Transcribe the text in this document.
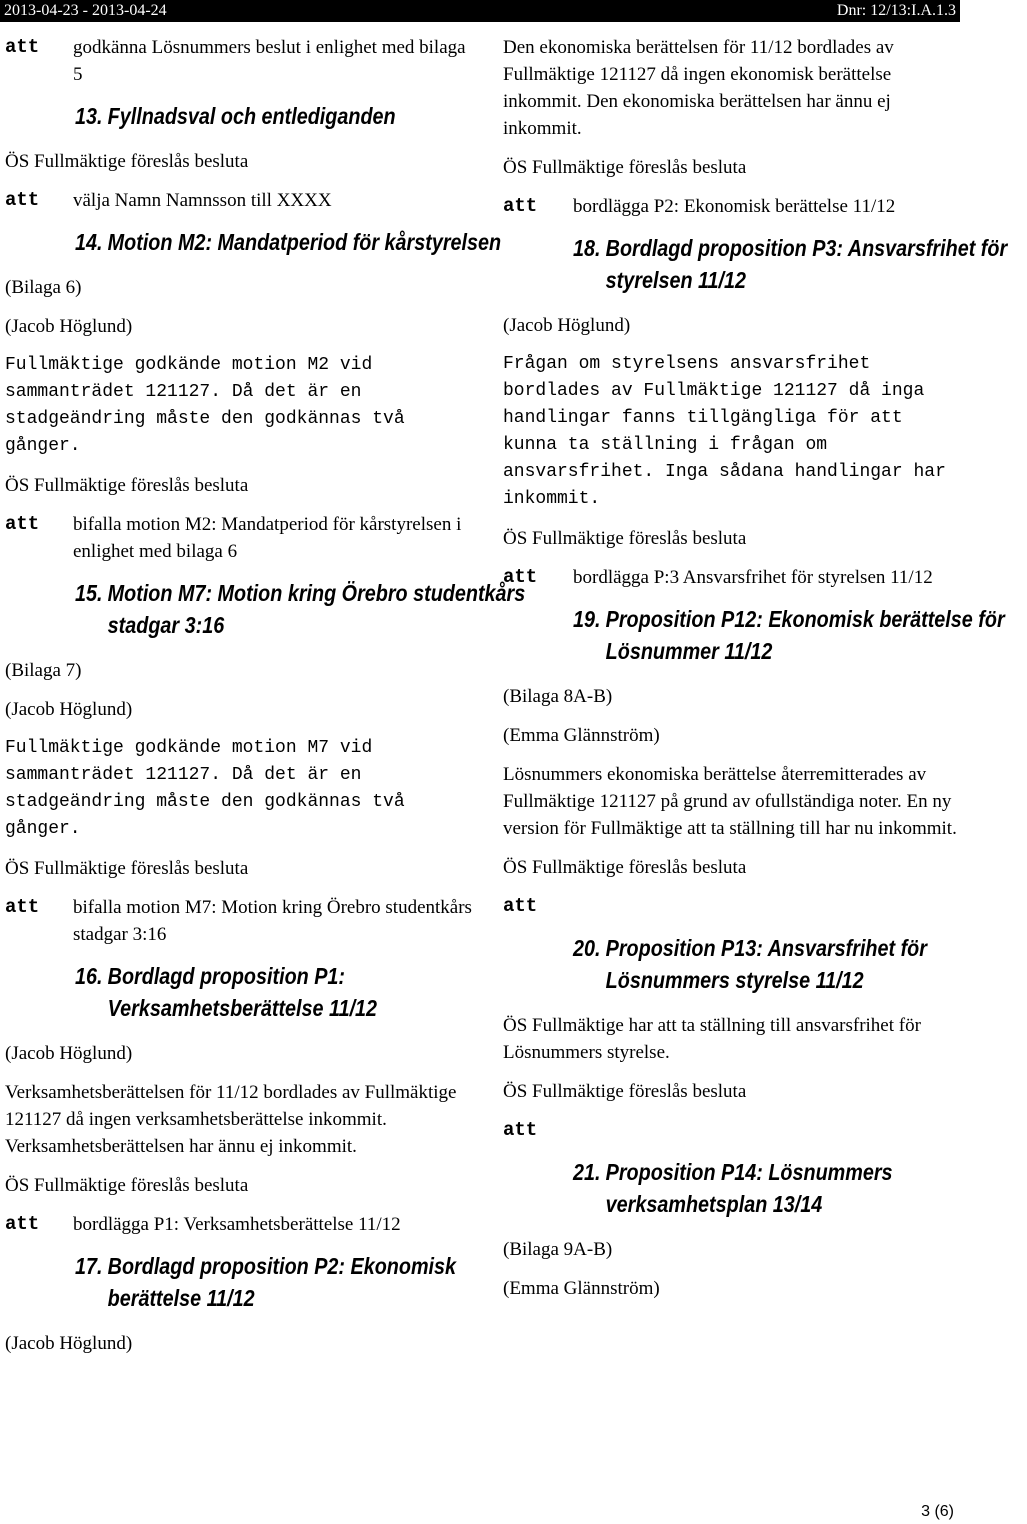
2013-04-23 - 2013-04-24	Dnr: 12/13:I.A.1.3
att	godkänna Lösnummers beslut i enlighet med bilaga 5
13. Fyllnadsval och entlediganden

ÖS Fullmäktige föreslås besluta

att	välja Namn Namnsson till XXXX
14. Motion M2: Mandatperiod för kårstyrelsen

(Bilaga 6)

(Jacob Höglund)

Fullmäktige godkände motion M2 vid sammanträdet 121127. Då det är en stadgeändring måste den godkännas två gånger.

ÖS Fullmäktige föreslås besluta

att	bifalla motion M2: Mandatperiod för kårstyrelsen i enlighet med bilaga 6
15. Motion M7: Motion kring Örebro studentkårs stadgar 3:16

(Bilaga 7)

(Jacob Höglund)

Fullmäktige godkände motion M7 vid sammanträdet 121127. Då det är en stadgeändring måste den godkännas två gånger.

ÖS Fullmäktige föreslås besluta

att	bifalla motion M7: Motion kring Örebro studentkårs stadgar 3:16
16. Bordlagd proposition P1: Verksamhetsberättelse 11/12

(Jacob Höglund)

Verksamhetsberättelsen för 11/12 bordlades av Fullmäktige 121127 då ingen verksamhetsberättelse inkommit. Verksamhetsberättelsen har ännu ej inkommit.

ÖS Fullmäktige föreslås besluta

att	bordlägga P1: Verksamhetsberättelse 11/12
17. Bordlagd proposition P2: Ekonomisk berättelse 11/12

(Jacob Höglund)

Den ekonomiska berättelsen för 11/12 bordlades av Fullmäktige 121127 då ingen ekonomisk berättelse inkommit. Den ekonomiska berättelsen har ännu ej inkommit.

ÖS Fullmäktige föreslås besluta

att	bordlägga P2: Ekonomisk berättelse 11/12
18. Bordlagd proposition P3: Ansvarsfrihet för styrelsen 11/12

(Jacob Höglund)

Frågan om styrelsens ansvarsfrihet bordlades av Fullmäktige 121127 då inga handlingar fanns tillgängliga för att kunna ta ställning i frågan om ansvarsfrihet. Inga sådana handlingar har inkommit.

ÖS Fullmäktige föreslås besluta

att	bordlägga P:3 Ansvarsfrihet för styrelsen 11/12
19. Proposition P12: Ekonomisk berättelse för Lösnummer 11/12

(Bilaga 8A-B)

(Emma Glännström)

Lösnummers ekonomiska berättelse återremitterades av Fullmäktige 121127 på grund av ofullständiga noter. En ny version för Fullmäktige att ta ställning till har nu inkommit.

ÖS Fullmäktige föreslås besluta

att
20. Proposition P13: Ansvarsfrihet för Lösnummers styrelse 11/12

ÖS Fullmäktige har att ta ställning till ansvarsfrihet för Lösnummers styrelse.

ÖS Fullmäktige föreslås besluta

att
21. Proposition P14: Lösnummers verksamhetsplan 13/14

(Bilaga 9A-B)

(Emma Glännström)

3 (6)
